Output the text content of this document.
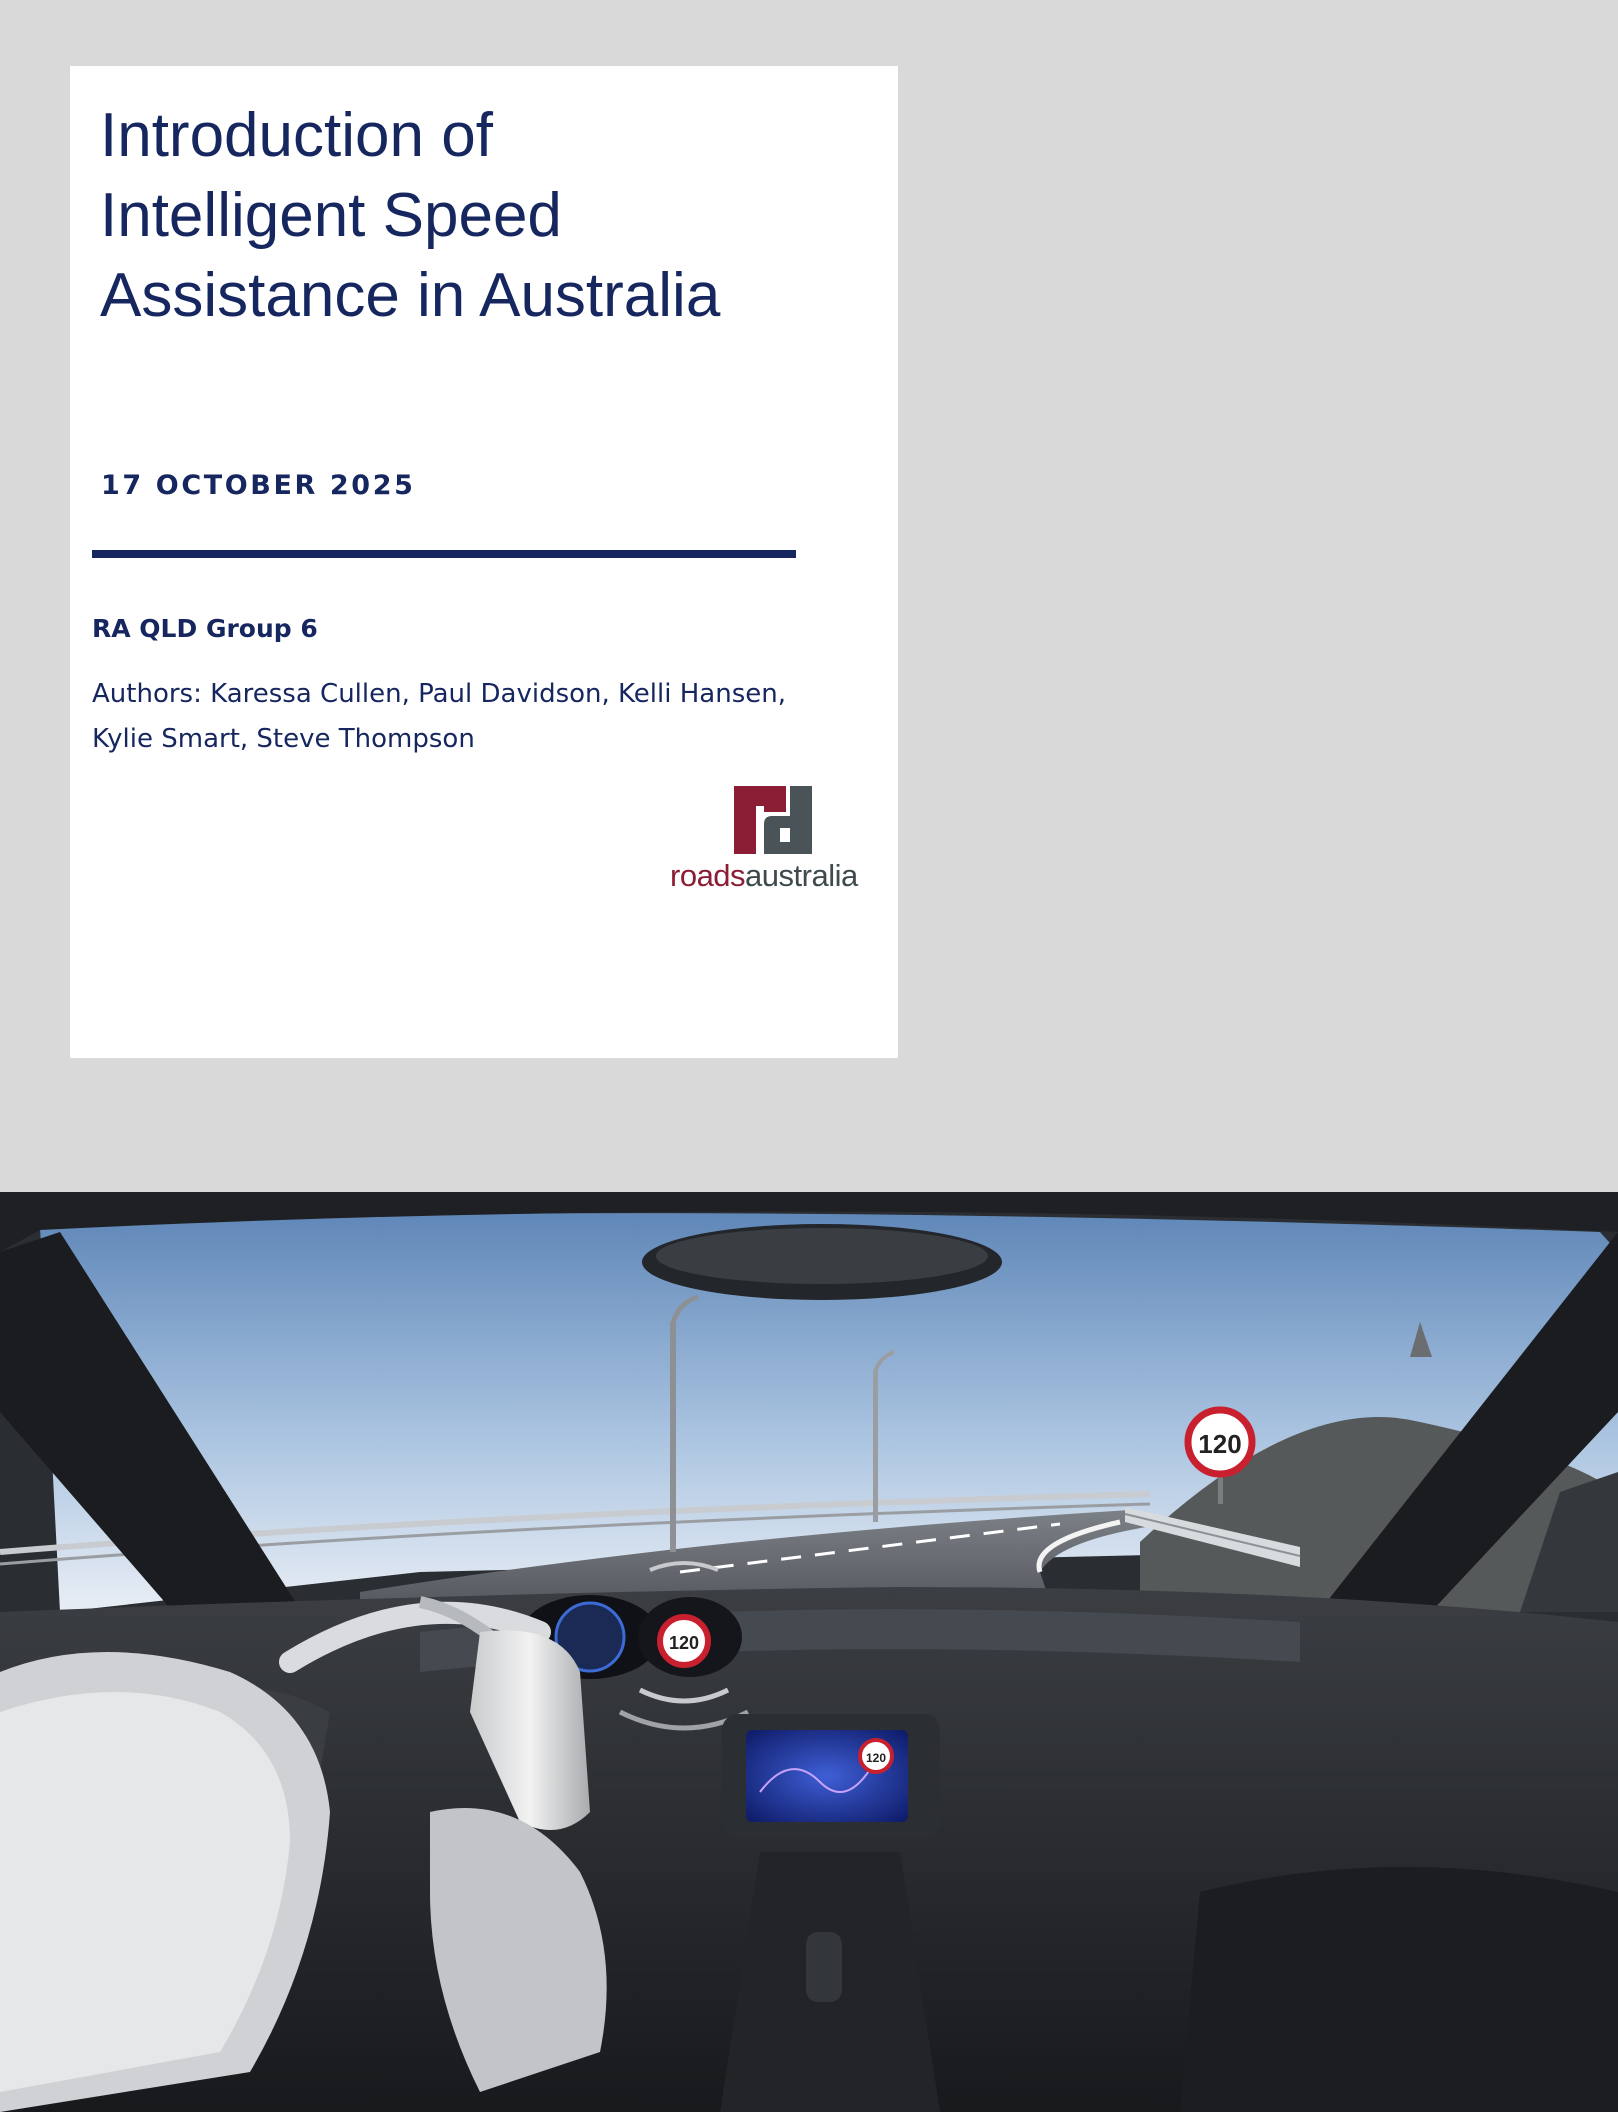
Introduction of
Intelligent Speed
Assistance in Australia
17 OCTOBER 2025
RA QLD Group 6
Authors: Karessa Cullen, Paul Davidson, Kelli Hansen,
Kylie Smart, Steve Thompson
roadsaustralia
120
120
120
